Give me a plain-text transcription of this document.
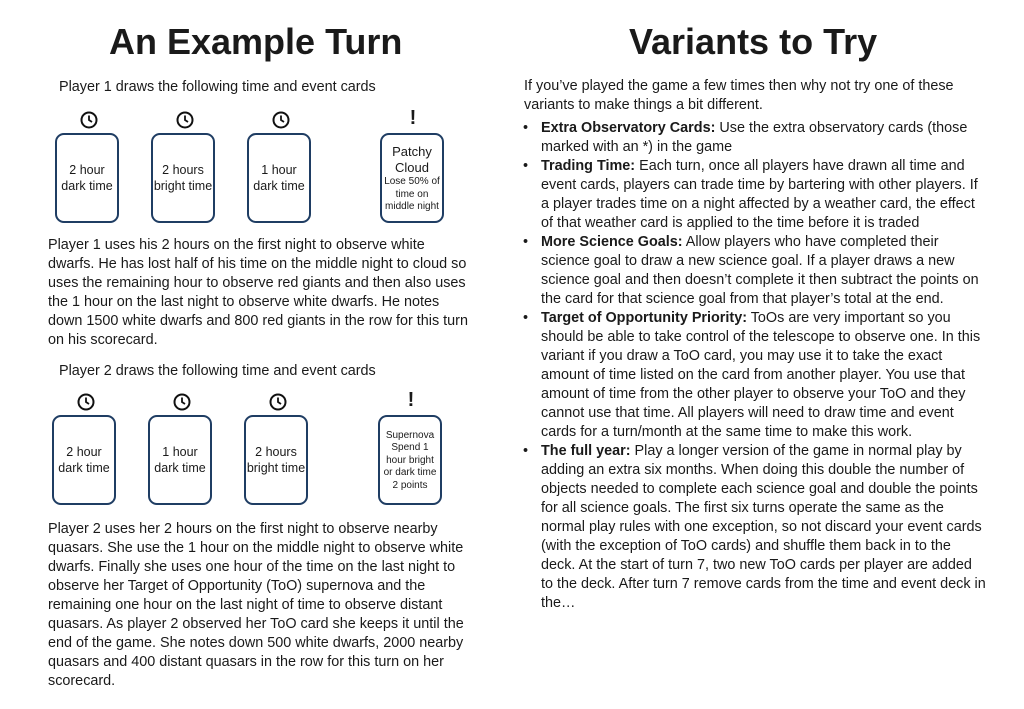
An Example Turn	Variants to Try

Player 1 draws the following time and event cards

!
2 hour dark time
2 hours bright time
1 hour dark time
Patchy Cloud
Lose 50% of time on middle night

Player 1 uses his 2 hours on the first night to observe white dwarfs. He has lost half of his time on the middle night to cloud so uses the remaining hour to observe red giants and then also uses the 1 hour on the last night to observe white dwarfs. He notes down 1500 white dwarfs and 800 red giants in the row for this turn on his scorecard.

Player 2 draws the following time and event cards

!
2 hour dark time
1 hour dark time
2 hours bright time
Supernova
Spend 1 hour bright or dark time
2 points

Player 2 uses her 2 hours on the first night to observe nearby quasars. She use the 1 hour on the middle night to observe white dwarfs. Finally she uses one hour of the time on the last night to observe her Target of Opportunity (ToO) supernova and the remaining one hour on the last night of time to observe distant quasars. As player 2 observed her ToO card she keeps it until the end of the game. She notes down 500 white dwarfs, 2000 nearby quasars and 400 distant quasars in the row for this turn on her scorecard.

If you’ve played the game a few times then why not try one of these variants to make things a bit different.

• Extra Observatory Cards: Use the extra observatory cards (those marked with an *) in the game
• Trading Time: Each turn, once all players have drawn all time and event cards, players can trade time by bartering with other players. If a player trades time on a night affected by a weather card, the effect of that weather card is applied to the time before it is traded
• More Science Goals: Allow players who have completed their science goal to draw a new science goal. If a player draws a new science goal and then doesn’t complete it then subtract the points on the card for that science goal from that player’s total at the end.
• Target of Opportunity Priority: ToOs are very important so you should be able to take control of the telescope to observe one. In this variant if you draw a ToO card, you may use it to take the exact amount of time listed on the card from another player. You use that amount of time from the other player to observe your ToO and they cannot use that time. All players will need to draw time and event cards for a turn/month at the same time to make this work.
• The full year: Play a longer version of the game in normal play by adding an extra six months. When doing this double the number of objects needed to complete each science goal and double the points for all science goals. The first six turns operate the same as the normal play rules with one exception, so not discard your event cards (with the exception of ToO cards) and shuffle them back in to the deck. At the start of turn 7, two new ToO cards per player are added to the deck. After turn 7 remove cards from the time and event deck in the…
